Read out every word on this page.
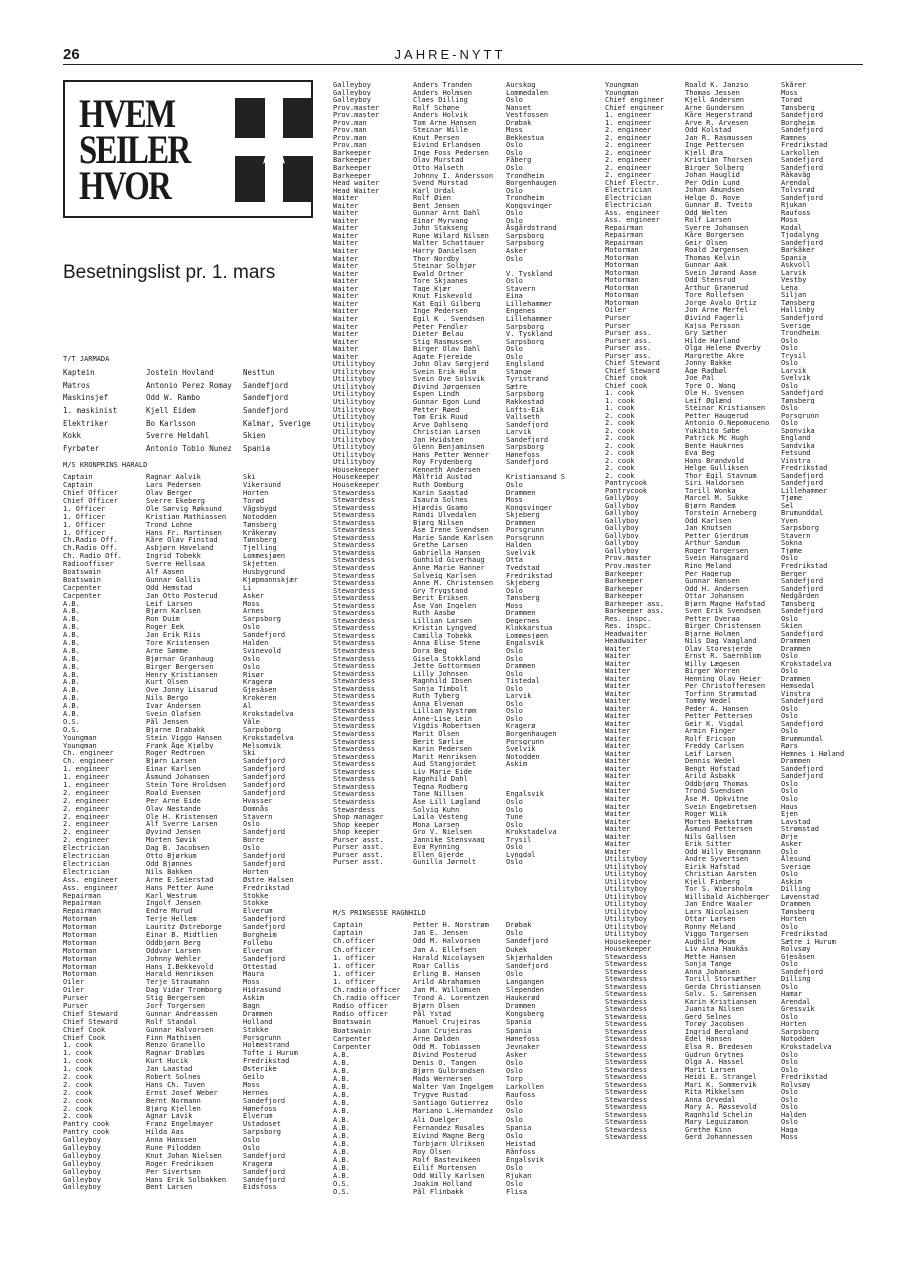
26	JAHRE-NYTT
HVEM
SEILER
HVOR
Besetningslist pr. 1. mars
T/T JARMADA
Kaptein	Jostein Hovland	Nesttun
Matros	Antonio Perez Romay	Sandefjord
Maskinsjef	Odd W. Rambo	Sandefjord
1. maskinist	Kjell Eidem	Sandefjord
Elektriker	Bo Karlsson	Kalmar, Sverige
Kokk	Sverre Heldahl	Skien
Fyrbøter	Antonio Tobio Nunez	Spania
M/S KRONPRINS HARALD
Captain	Ragnar Aalvik	Ski
Captain	Lars Pedersen	Vikersund
Chief Officer	Olav Berger	Horten
Chief Officer	Sverre Ekeberg	Torød
1. Officer	Ole Sørvig Røksund	Vågsbygd
1. Officer	Kristian Mathiassen	Notodden
1. Officer	Trond Lohne	Tønsberg
1. Officer	Hans Fr. Martinsen	Kråkerøy
Ch.Radio Off.	Kåre Olav Finstad	Tønsberg
Ch.Radio Off.	Asbjørn Haveland	Tjelling
Ch. Radio Off.	Ingrid Tobekk	Lommesjøen
Radiooffiser	Sverre Hellsaa	Skjetten
Boatswain	Alf Aasen	Husbygrund
Boatswain	Gunnar Gallis	Kjøpmannskjær
Carpenter	Odd Hemstad	Li
Carpenter	Jan Otto Posterud	Asker
A.B.	Leif Larsen	Moss
A.B.	Bjørn Karlsen	Arnes
A.B.	Ron Duim	Sarpsborg
A.B.	Roger Eek	Oslo
A.B.	Jan Erik Riis	Sandefjord
A.B.	Tore Kristensen	Halden
A.B.	Arne Sømme	Svinevold
A.B.	Bjørnar Granhaug	Oslo
A.B.	Birger Bergersen	Oslo
A.B.	Henry Kristiansen	Risør
A.B.	Kurt Olsen	Kragerø
A.B.	Ove Jonny Lisarud	Gjesåsen
A.B.	Nils Bergo	Krokeren
A.B.	Ivar Andersen	Al
A.B.	Svein Olafsen	Krokstadelva
O.S.	Pål Jensen	Våle
O.S.	Bjarne Drabakk	Sarpsborg
Youngman	Stein Viggo Hansen	Krokstadelva
Youngman	Frank Åge Kjølby	Melsomvik
Ch. engineer	Roger Redtroen	Ski
Ch. engineer	Bjørn Larsen	Sandefjord
1. engineer	Einar Karlsen	Sandefjord
1. engineer	Åsmund Johansen	Sandefjord
1. engineer	Stein Tore Hroldsen	Sandefjord
2. engineer	Roald Evensen	Sandefjord
2. engineer	Per Arne Eide	Hvasser
2. engineer	Olav Nestande	Domnås
2. engineer	Ole H. Kristensen	Stavern
2. engineer	Alf Sverre Larsen	Oslo
2. engineer	Øyvind Jensen	Sandefjord
2. engineer	Morten Søvik	Borre
Electrician	Dag B. Jacobsen	Oslo
Electrician	Otto Bjørkum	Sandefjord
Electrician	Odd Bjønnes	Sandefjord
Electrician	Nils Bakken	Horten
Ass. engineer	Arne E.Seierstad	Østre Halsen
Ass. engineer	Hans Petter Aune	Fredrikstad
Repairman	Karl Westrum	Stokke
Repairman	Ingolf Jensen	Stokke
Repairman	Endre Murud	Elverum
Motorman	Terje Hellem	Sandefjord
Motorman	Lauritz Østreborge	Sandefjord
Motorman	Einar B. Midtlien	Borgheim
Motorman	Oddbjørn Berg	Follebu
Motorman	Oddvar Larsen	Elverum
Motorman	Johnny Wehler	Sandefjord
Motorman	Hans I.Bekkevold	Ottestad
Motorman	Harald Henriksen	Maura
Oiler	Terje Straumann	Moss
Oiler	Dag Vidar Tromborg	Hidrasund
Purser	Stig Bergersen	Askim
Purser	Jorf Torgersen	Bagn
Chief Steward	Gunnar Andreassen	Drammen
Chief Steward	Rolf Standal	Holland
Chief Cook	Gunnar Halvorsen	Stokke
Chief Cook	Finn Mathisen	Porsgrunn
1. cook	Renzo Granello	Holmestrand
1. cook	Ragnar Drabløs	Tofte i Hurum
1. cook	Kurt Hucik	Fredrikstad
1. cook	Jan Laastad	Østerike
2. cook	Robert Solnes	Geilo
2. cook	Hans Ch. Tuven	Moss
2. cook	Ernst Josef Weber	Hernes
2. cook	Bernt Normann	Sandefjord
2. cook	Bjørg Kjellen	Hønefoss
2. cook	Agnar Lavik	Elverum
Pantry cook	Franz Engelmayer	Ustadoset
Pantry cook	Hilda Aas	Sarpsborg
Galleyboy	Anna Hanssen	Oslo
Galleyboy	Rune Pilodden	Oslo
Galleyboy	Knut Johan Nielsen	Sandefjord
Galleyboy	Roger Fredriksen	Kragerø
Galleyboy	Per Sivertsen	Sandefjord
Galleyboy	Hans Erik Solbakken	Sandefjord
Galleyboy	Bent Larsen	Eidsfoss
Galleyboy	Anders Tranden	Aurskog
Galleyboy	Anders Holmsen	Lommedalen
Galleyboy	Claes Dilling	Oslo
Prov.master	Rolf Schøne	Nanset
Prov.master	Anders Holvik	Vestfossen
Prov.man	Tom Arne Hansen	Drøbak
Prov.man	Steinar Wille	Moss
Prov.man	Knut Persen	Bekkestua
Prov.man	Eivind Erlandsen	Oslo
Barkeeper	Inge Foss Pedersen	Oslo
Barkeeper	Olav Murstad	Fåberg
Barkeeper	Otto Halseth	Oslo
Barkeeper	Johnny I. Andersson	Trondheim
Head waiter	Svend Murstad	Borgenhaugen
Head Waiter	Karl Urdal	Oslo
Waiter	Rolf Øien	Trondheim
Waiter	Bent Jensen	Kongsvinger
Waiter	Gunnar Arnt Dahl	Oslo
Waiter	Einar Myrvang	Oslo
Waiter	John Stakseng	Åsgårdstrand
Waiter	Rune Wilard Nilsen	Sarpsborg
Waiter	Walter Schattauer	Sarpsborg
Waiter	Harry Danielsen	Asker
Waiter	Thor Nordby	Oslo
Waiter	Steinar Solbjør
Waiter	Ewald Ortner	V. Tyskland
Waiter	Tore Skjaanes	Oslo
Waiter	Tage Kjær	Stavern
Waiter	Knut Fiskevold	Eina
Waiter	Kat Egil Gilberg	Lillehammer
Waiter	Inge Pedersen	Engenes
Waiter	Egil K . Svendsen	Lillehammer
Waiter	Peter Fendler	Sarpsborg
Waiter	Dieter Belau	V. Tyskland
Waiter	Stig Rasmussen	Sarpsborg
Waiter	Birger Olav Dahl	Oslo
Waiter	Agate Fjereide	Oslo
Utilityboy	John Olav Sørgjerd	Englsland
Utilityboy	Svein Erik Holm	Stange
Utilityboy	Svein Ove Solsvik	Tyristrand
Utilityboy	Øivind Jørgensen	Sætre
Utilityboy	Espen Lindh	Sarpsborg
Utilityboy	Gunnar Egon Lund	Rakkestad
Utilityboy	Petter Røed	Lofts-Eik
Utilityboy	Tom Erik Ruud	Vallseth
Utilityboy	Arve Dahlseng	Sandefjord
Utilityboy	Christian Larsen	Larvik
Utilityboy	Jan Hvidsten	Sandefjord
Utilityboy	Glenn Benjaminsen	Sarpsborg
Utilityboy	Hans Petter Wenner	Hønefoss
Utilityboy	Roy Frydenberg	Sandefjord
Housekeeper	Kenneth Andersen
Housekeeper	Målfrid Austad	Kristiansand S
Housekeeper	Ruth Domburg	Oslo
Stewardess	Karin Saastad	Drammen
Stewardess	Isaura Solnes	Moss
Stewardess	Hjørdis Gsamo	Kongsvinger
Stewardess	Randi Ulvedalen	Skjeberg
Stewardess	Bjørg Nilsen	Drammen
Stewardess	Åse Irene Svendsen	Porsgrunn
Stewardess	Marie Sande Karlsen	Porsgrunn
Stewardess	Grethe Larsen	Halden
Stewardess	Gabriella Hansen	Svelvik
Stewardess	Gunhild Giverhaug	Otta
Stewardess	Anne Marie Hanner	Tvedstad
Stewardess	Solveig Karlsen	Fredrikstad
Stewardess	Anne M. Christensen	Skjeberg
Stewardess	Gry Trygstand	Oslo
Stewardess	Berit Eriksen	Tønsberg
Stewardess	Åse Van Ingelen	Moss
Stewardess	Ruth Aasbø	Drammen
Stewardess	Lillian Larsen	Degernes
Stewardess	Kristin Lyngved	Klokkarstua
Stewardess	Camilla Tobekk	Lommesjøen
Stewardess	Anna Elise Stene	Engalsvik
Stewardess	Dora Beg	Oslo
Stewardess	Gisela Stokkland	Oslo
Stewardess	Jette Gottormsen	Drammen
Stewardess	Lilly Johnsen	Oslo
Stewardess	Ragnhild Ibsen	Tistedal
Stewardess	Sonja Timbolt	Oslo
Stewardess	Ruth Tyberg	Larvik
Stewardess	Anna Elvenan	Oslo
Stewardess	Lillian Nystrøm	Oslo
Stewardess	Anne-Lise Lein	Oslo
Stewardess	Vigdis Robertsen	Kragerø
Stewardess	Marit Olsen	Borgenhaugen
Stewardess	Berit Sørlie	Porsgrunn
Stewardess	Karin Pedersen	Svelvik
Stewardess	Marit Henriksen	Notodden
Stewardess	Aud Stangjordet	Askim
Stewardess	Liv Marie Eide
Stewardess	Ragnhild Dahl
Stewardess	Tegna Rodberg
Stewardess	Tone Nillsen	Engalsvik
Stewardess	Åse Lill Løgland	Oslo
Stewardess	Solvig Kuhn	Oslo
Shop manager	Laila Vesteng	Tune
Shop keeper	Mona Larsen	Oslo
Shop keeper	Gro V. Nielsen	Krokstadelva
Purser asst.	Jannike Stensvaag	Trysil
Purser asst.	Eva Rynning	Oslo
Purser asst.	Ellen Gjerde	Lyngdal
Purser asst.	Gunilla Jørnolt	Oslo
M/S PRINSESSE RAGNHILD
Captain	Petter H. Norstrøm	Drøbak
Captain	Jan E. Jensen	Oslo
Ch.officer	Odd M. Halvorsen	Sandefjord
Ch.officer	Jan A. Ellefsen	Dukek
1. officer	Harald Nicolaysen	Skjærhalden
1. officer	Roar Callis	Sandefjord
1. officer	Erling B. Hansen	Oslo
1. officer	Arild Abrahamsen	Langangen
Ch.radio officer	Jan M. Willumsen	Slependen
Ch.radio officer	Trond A. Lorentzen	Haukerød
Radio officer	Bjørn Olsen	Drammen
Radio officer	Pål Ystad	Kongsberg
Boatswain	Manuel Crujeiras	Spania
Boatswain	Juan Crujeiras	Spania
Carpenter	Arne Dølden	Hønefoss
Carpenter	Odd M. Tobiassen	Jevnaker
A.B.	Øivind Posterud	Asker
A.B.	Denis O. Tangen	Oslo
A.B.	Bjørn Gulbrandsen	Oslo
A.B.	Mads Wernersen	Torp
A.B.	Walter Van Ingelgem	Larkollen
A.B.	Trygve Rustad	Raufoss
A.B.	Santiago Gutierrez	Oslo
A.B.	Mariano L.Hernandez	Oslo
A.B.	Ali Duelger	Oslo
A.B.	Fernandez Rosales	Spania
A.B.	Eivind Magne Berg	Oslo
A.B.	Torbjørn Ulriksen	Heistad
A.B.	Roy Olsen	Rånfoss
A.B.	Rolf Bastevikeen	Engalsvik
A.B.	Eilif Mortensen	Oslo
A.B.	Odd Willy Karlsen	Rjukan
O.S.	Joakim Holland	Oslo
O.S.	Pål Flinbakk	Flisa
Youngman	Roald K. Janzso	Skårer
Youngman	Thomas Jessen	Moss
Chief engineer	Kjell Andersen	Torød
Chief engineer	Arne Gundersen	Tønsberg
1. engineer	Kåre Hegerstrand	Sandefjord
1. engineer	Arve R. Arvesen	Borgheim
2. engineer	Odd Kolstad	Sandefjord
2. engineer	Jan R. Rasmussen	Ramnes
2. engineer	Inge Pettersen	Fredrikstad
2. engineer	Kjell Øra	Larkollen
2. engineer	Kristian Thorsen	Sandefjord
2. engineer	Birger Solberg	Sandefjord
2. engineer	Johan Hauglid	Råkavåg
Chief Electr.	Per Odin Lund	Arendal
Electrician	Johan Amundsen	Tolvsrød
Electrician	Helge O. Rove	Sandefjord
Electrician	Gunnar Ø. Tveito	Rjukan
Ass. engineer	Odd Welten	Raufoss
Ass. engineer	Rolf Larsen	Moss
Repairman	Sverre Johansen	Kodal
Repairman	Kåre Borgersen	Tjodalyng
Repairman	Geir Olsen	Sandefjord
Motorman	Roald Jørgensen	Barkåker
Motorman	Thomas Kelvin	Spania
Motorman	Gunnar Aak	Askvoll
Motorman	Svein Jørand Aase	Larvik
Motorman	Odd Stensrud	Vestby
Motorman	Arthur Granerud	Lena
Motorman	Tore Rollefsen	Siljan
Motorman	Jorge Avalo Ortiz	Tønsberg
Oiler	Jon Arne Merfel	Hallinby
Purser	Øivind Fagerli	Sandefjord
Purser	Kajsa Persson	Sverige
Purser ass.	Gry Sæther	Trondheim
Purser ass.	Hilde Hørland	Oslo
Purser ass.	Olga Helene Øverby	Oslo
Purser ass.	Margrethe Akre	Trysil
Chief Steward	Jonny Bakke	Oslo
Chief Steward	Åge Radbøl	Larvik
Chief cook	Joe Pal	Svelvik
Chief cook	Tore O. Wang	Oslo
1. cook	Ole H. Svensen	Sandefjord
1. cook	Leif Øglænd	Tønsberg
1. cook	Steinar Kristiansen	Oslo
2. cook	Petter Haugerud	Porsgrunn
2. cook	Antonio O.Nepomuceno	Oslo
2. cook	Yukihito Søbe	Sponvika
2. cook	Patrick Mc Hugh	England
2. cook	Bente Haukrnes	Sandvika
2. cook	Eva Beg	Fetsund
2. cook	Hans Brandvold	Vinstra
2. cook	Helge Gulliksen	Fredrikstad
2. cook	Thor Egil Stavnum	Sandefjord
Pantrycook	Siri Haldorsen	Sandefjord
Pantrycook	Torill Wonka	Lillehammer
Gallyboy	Marcel M. Sukke	Tjøme
Gallyboy	Bjørn Randem	Sel
Gallyboy	Torstein Arneberg	Brumunddal
Gallyboy	Odd Karlsen	Yven
Gallyboy	Jan Knutsen	Sarpsborg
Gallyboy	Petter Gjerdrum	Stavern
Gallyboy	Arthur Sandum	Sokna
Gallyboy	Roger Torgersen	Tjøme
Prov.master	Svein Hansgaard	Oslo
Prov.master	Rino Meland	Fredrikstad
Barkeeper	Per Hagerup	Berger
Barkeeper	Gunnar Hansen	Sandefjord
Barkeeper	Odd H. Andersen	Sandefjord
Barkeeper	Ottar Johansen	Nedgården
Barkeeper ass.	Bjørn Magne Hafstad	Tønsberg
Barkeeper ass.	Sven Erik Svendsen	Sandefjord
Res. inspc.	Petter Overaa	Oslo
Res. inspc.	Birger Christensen	Skien
Headwaiter	Bjarne Holmen	Sandefjord
Headwaiter	Nils Dag Vaagland	Drammen
Waiter	Olav Storesjerde	Drammen
Waiter	Ernst R. Saernblom	Oslo
Waiter	Willy Lægesen	Krokstadelva
Waiter	Birger Worren	Oslo
Waiter	Henning Olav Heier	Drammen
Waiter	Per Christofferesen	Hemsedal
Waiter	Torfinn Strømstad	Vinstra
Waiter	Tommy Wedel	Sandefjord
Waiter	Peder A. Hansen	Oslo
Waiter	Petter Pettersen	Oslo
Waiter	Geir K. Vigdal	Sandefjord
Waiter	Armin Finger	Oslo
Waiter	Rolf Ericson	Brummundal
Waiter	Freddy Carlsen	Rørs
Waiter	Leif Larsen	Hemnes i Høland
Waiter	Dennis Wedel	Drammen
Waiter	Bengt Hofstad	Sandefjord
Waiter	Arild Åsbakk	Sandefjord
Waiter	Oddbjørg Thomas	Oslo
Waiter	Trond Svendsen	Oslo
Waiter	Åse M. Opkvitne	Oslo
Waiter	Svein Engebretsen	Haus
Waiter	Roger Wiik	Ejen
Waiter	Morten Baekstrøm	Lavstad
Waiter	Åsmund Pettersen	Strømstad
Waiter	Nils Gallsen	Ørje
Waiter	Erik Sitter	Asker
Waiter	Odd Willy Bergmann	Oslo
Utilityboy	Andre Syvertsen	Ålesund
Utilityboy	Eirik Hafstad	Sverige
Utilityboy	Christian Aarsten	Oslo
Utilityboy	Kjell Finberg	Askim
Utilityboy	Tor S. Wiersholm	Dilling
Utilityboy	Willibald Aichberger	Løvenstad
Utilityboy	Jan Endre Waaler	Drammen
Utilityboy	Lars Nicolaisen	Tønsberg
Utilityboy	Ottar Larsen	Horten
Utilityboy	Ronny Meland	Oslo
Utilityboy	Viggo Torgersen	Fredrikstad
Housekeeper	Audhild Moum	Sætre i Hurum
Housekeeper	Liv Anna Haukås	Rolvsøy
Stewardess	Mette Hansen	Gjesåsen
Stewardess	Sonja Tange	Oslo
Stewardess	Anna Johansen	Sandefjord
Stewardess	Torill Storsæther	Dilling
Stewardess	Gerda Christiansen	Oslo
Stewardess	Solv. S. Sørensen	Hamar
Stewardess	Karin Kristiansen	Arendal
Stewardess	Juanita Nilsen	Gressvik
Stewardess	Gerd Selnes	Oslo
Stewardess	Torøy Jacobsen	Horten
Stewardess	Ingrid Bergland	Sarpsborg
Stewardess	Edel Hansen	Notodden
Stewardess	Elsa R. Bredesen	Krokstadelva
Stewardess	Gudrun Grytnes	Oslo
Stewardess	Olga A. Hassel	Oslo
Stewardess	Marit Larsen	Oslo
Stewardess	Heidi E. Strangel	Fredrikstad
Stewardess	Mari K. Sommervik	Rolvsøy
Stewardess	Rita Mikkelsen	Oslo
Stewardess	Anna Orvedal	Oslo
Stewardess	Mary A. Røssevold	Oslo
Stewardess	Ragnhild Schelin	Halden
Stewardess	Mary Leguizamon	Oslo
Stewardess	Grethe Kinn	Haga
Stewardess	Gerd Johannessen	Moss
